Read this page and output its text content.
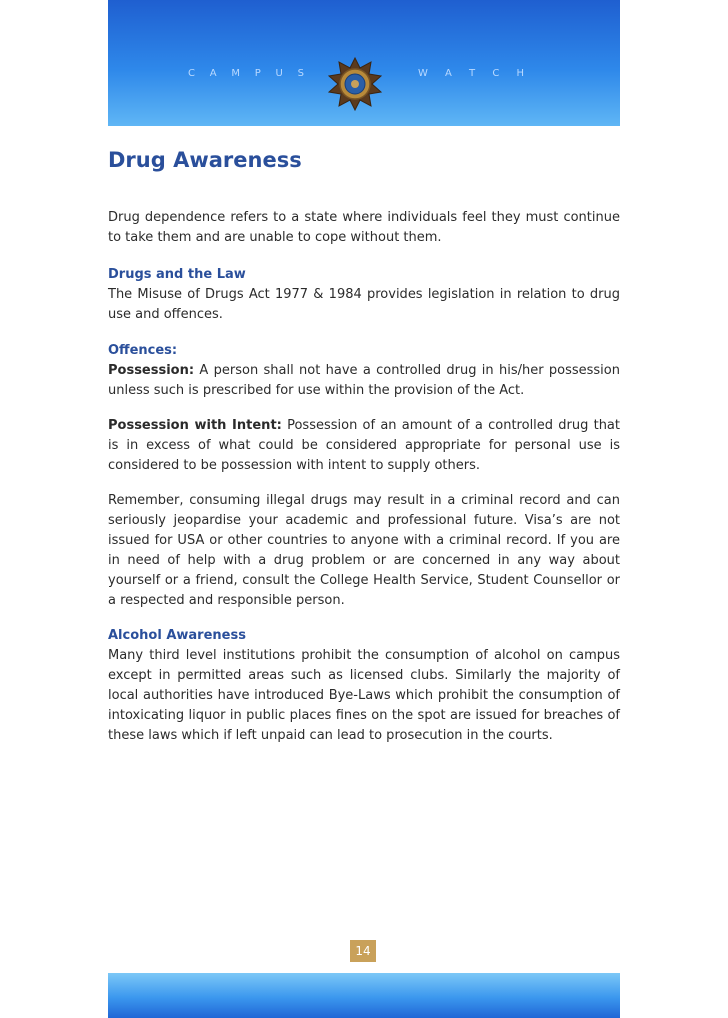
C A M P U S	W A T C H
Drug Awareness

Drug dependence refers to a state where individuals feel they must continue to take them and are unable to cope without them.

Drugs and the Law

The Misuse of Drugs Act 1977 & 1984 provides legislation in relation to drug use and offences.

Offences:

Possession: A person shall not have a controlled drug in his/her possession unless such is prescribed for use within the provision of the Act.

Possession with Intent: Possession of an amount of a controlled drug that is in excess of what could be considered appropriate for personal use is considered to be possession with intent to supply others.

Remember, consuming illegal drugs may result in a criminal record and can seriously jeopardise your academic and professional future. Visa’s are not issued for USA or other countries to anyone with a criminal record. If you are in need of help with a drug problem or are concerned in any way about yourself or a friend, consult the College Health Service, Student Counsellor or a respected and responsible person.

Alcohol Awareness

Many third level institutions prohibit the consumption of alcohol on campus except in permitted areas such as licensed clubs. Similarly the majority of local authorities have introduced Bye-Laws which prohibit the consumption of intoxicating liquor in public places fines on the spot are issued for breaches of these laws which if left unpaid can lead to prosecution in the courts.

14
